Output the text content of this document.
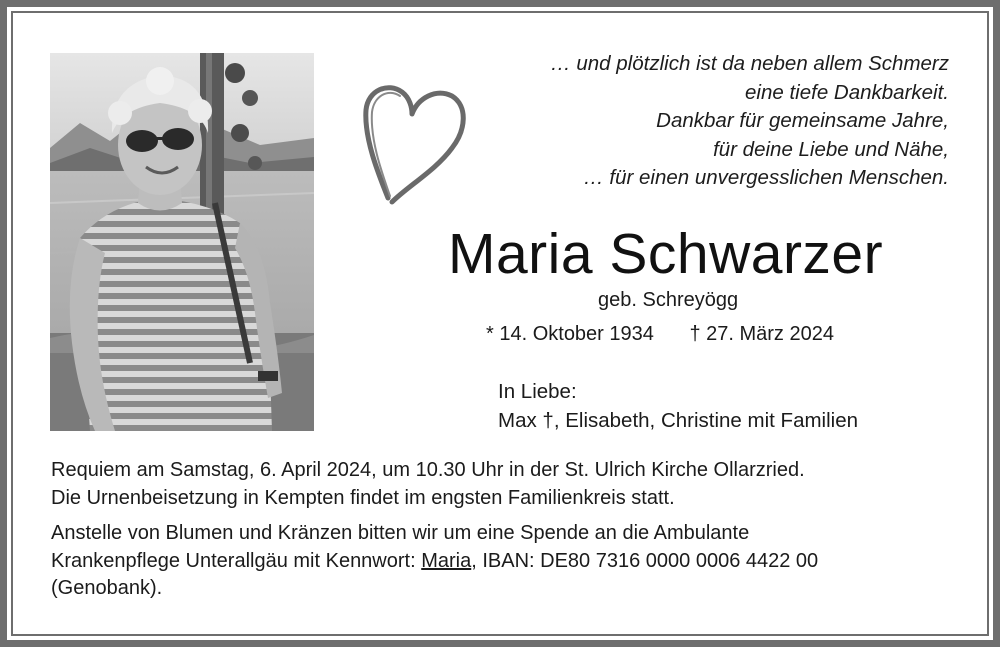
… und plötzlich ist da neben allem Schmerz
eine tiefe Dankbarkeit.
Dankbar für gemeinsame Jahre,
für deine Liebe und Nähe,
… für einen unvergesslichen Menschen.
Maria Schwarzer
geb. Schreyögg
* 14. Oktober 1934 † 27. März 2024
In Liebe:
Max †, Elisabeth, Christine mit Familien
Requiem am Samstag, 6. April 2024, um 10.30 Uhr in der St. Ulrich Kirche Ollarzried.
Die Urnenbeisetzung in Kempten findet im engsten Familienkreis statt.
Anstelle von Blumen und Kränzen bitten wir um eine Spende an die Ambulante
Krankenpflege Unterallgäu mit Kennwort: Maria, IBAN: DE80 7316 0000 0006 4422 00
(Genobank).
